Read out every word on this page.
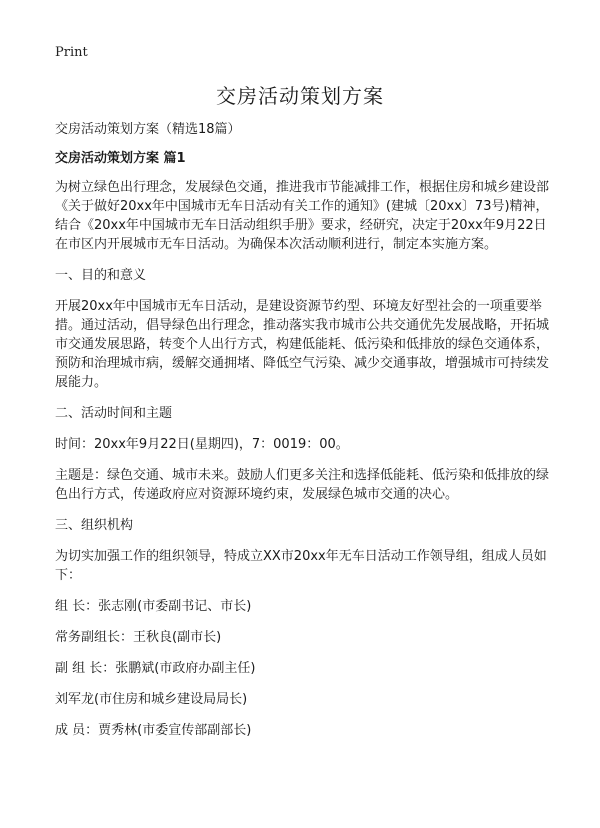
Print
交房活动策划方案

交房活动策划方案（精选18篇）

交房活动策划方案 篇1

为树立绿色出行理念，发展绿色交通，推进我市节能减排工作，根据住房和城乡建设部《关于做好20xx年中国城市无车日活动有关工作的通知》(建城〔20xx〕73号)精神，结合《20xx年中国城市无车日活动组织手册》要求，经研究，决定于20xx年9月22日在市区内开展城市无车日活动。为确保本次活动顺利进行，制定本实施方案。

一、目的和意义

开展20xx年中国城市无车日活动，是建设资源节约型、环境友好型社会的一项重要举措。通过活动，倡导绿色出行理念，推动落实我市城市公共交通优先发展战略，开拓城市交通发展思路，转变个人出行方式，构建低能耗、低污染和低排放的绿色交通体系，预防和治理城市病，缓解交通拥堵、降低空气污染、减少交通事故，增强城市可持续发展能力。

二、活动时间和主题

时间：20xx年9月22日(星期四)，7：0019：00。

主题是：绿色交通、城市未来。鼓励人们更多关注和选择低能耗、低污染和低排放的绿色出行方式，传递政府应对资源环境约束，发展绿色城市交通的决心。

三、组织机构

为切实加强工作的组织领导，特成立XX市20xx年无车日活动工作领导组，组成人员如下：

组 长：张志刚(市委副书记、市长)

常务副组长：王秋良(副市长)

副 组 长：张鹏斌(市政府办副主任)

刘军龙(市住房和城乡建设局局长)

成 员：贾秀林(市委宣传部副部长)
